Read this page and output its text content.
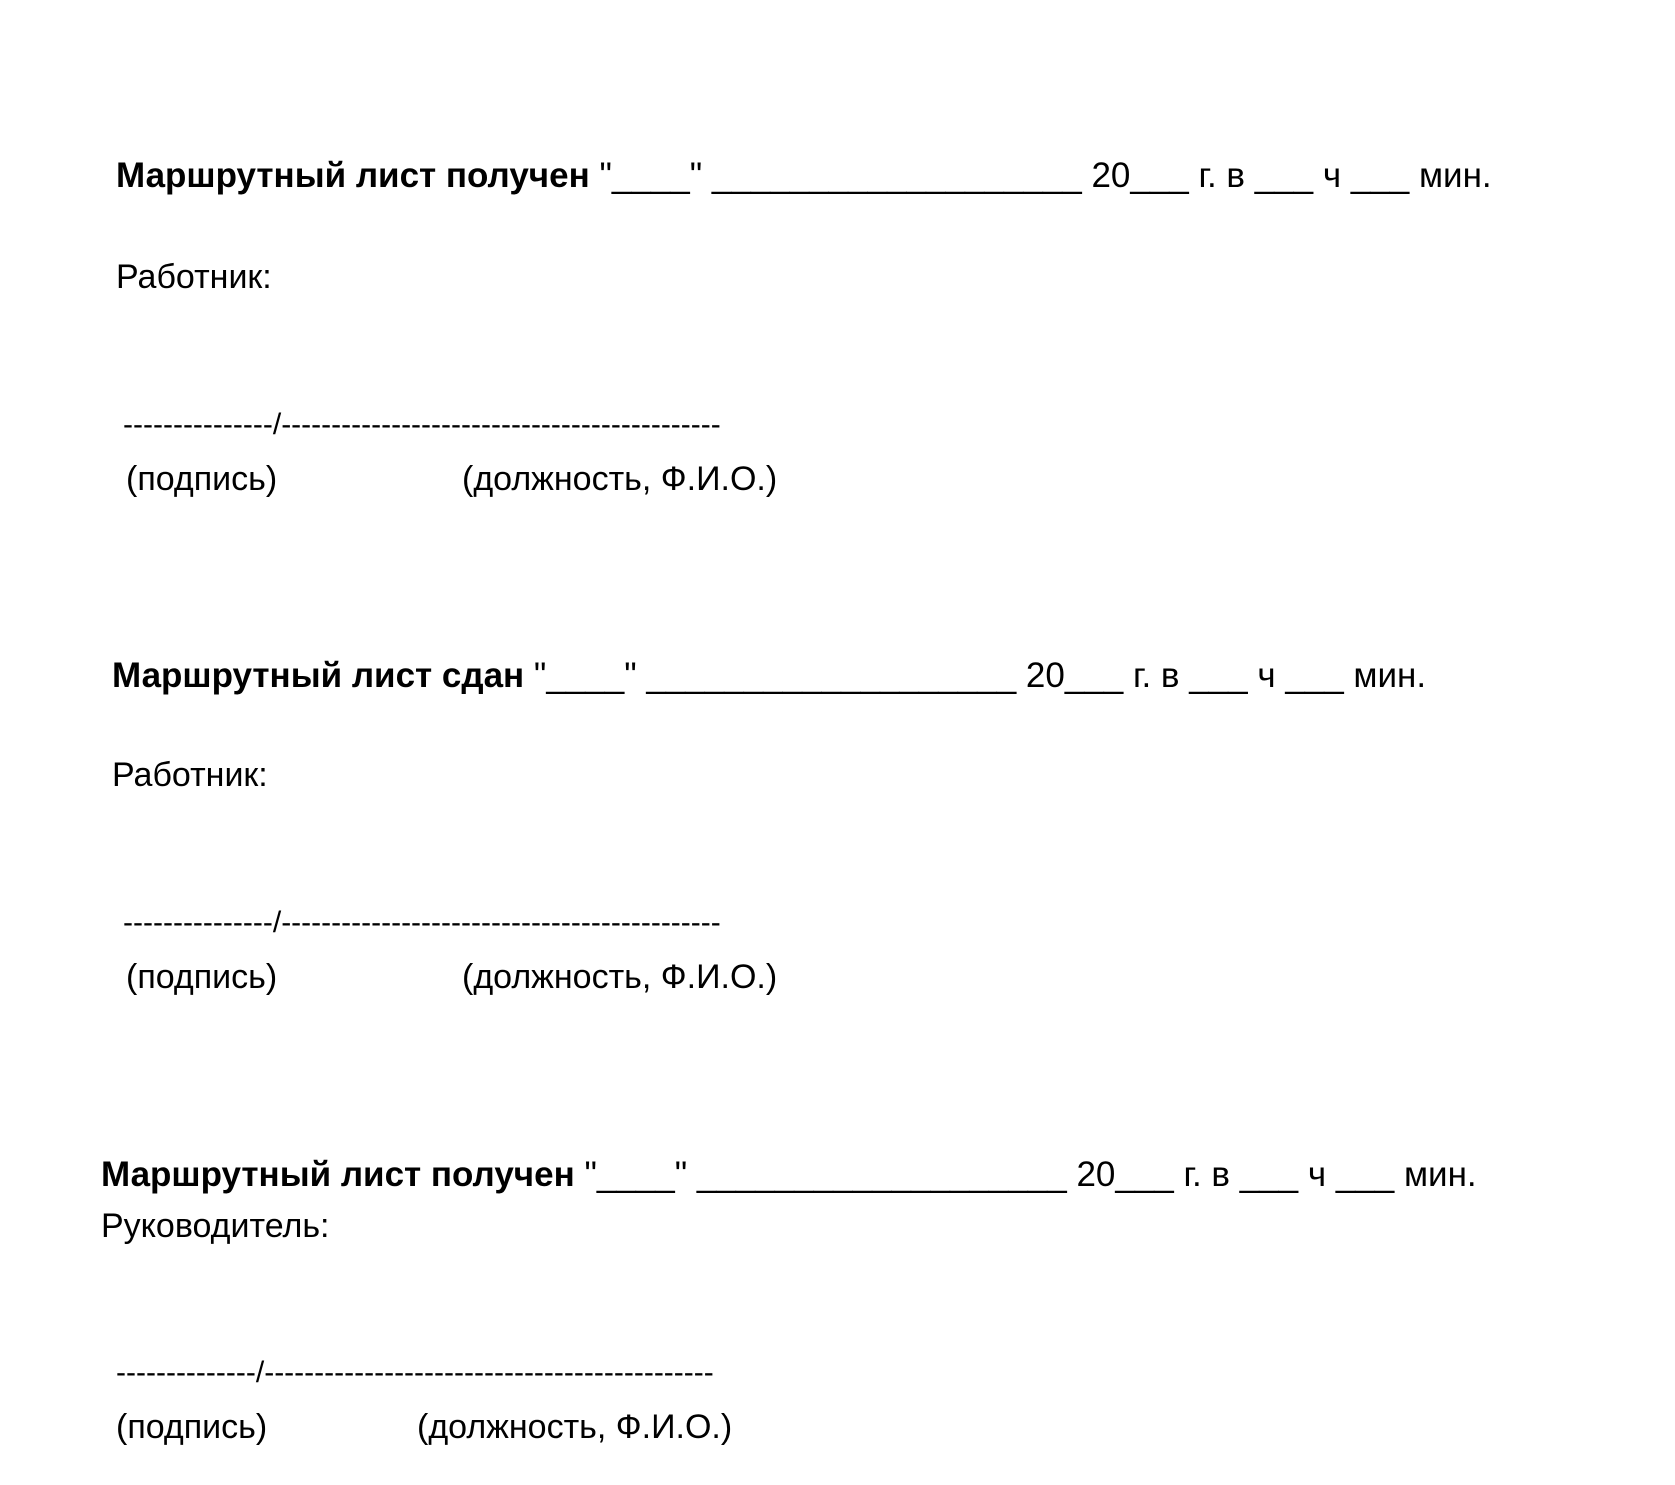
Маршрутный лист получен "____" ___________________ 20___ г. в ___ ч ___ мин.
Работник:
---------------/--------------------------------------------
(подпись)	(должность, Ф.И.О.)
Маршрутный лист сдан "____" ___________________ 20___ г. в ___ ч ___ мин.
Работник:
---------------/--------------------------------------------
(подпись)	(должность, Ф.И.О.)
Маршрутный лист получен "____" ___________________ 20___ г. в ___ ч ___ мин.
Руководитель:
--------------/---------------------------------------------
(подпись)	(должность, Ф.И.О.)
